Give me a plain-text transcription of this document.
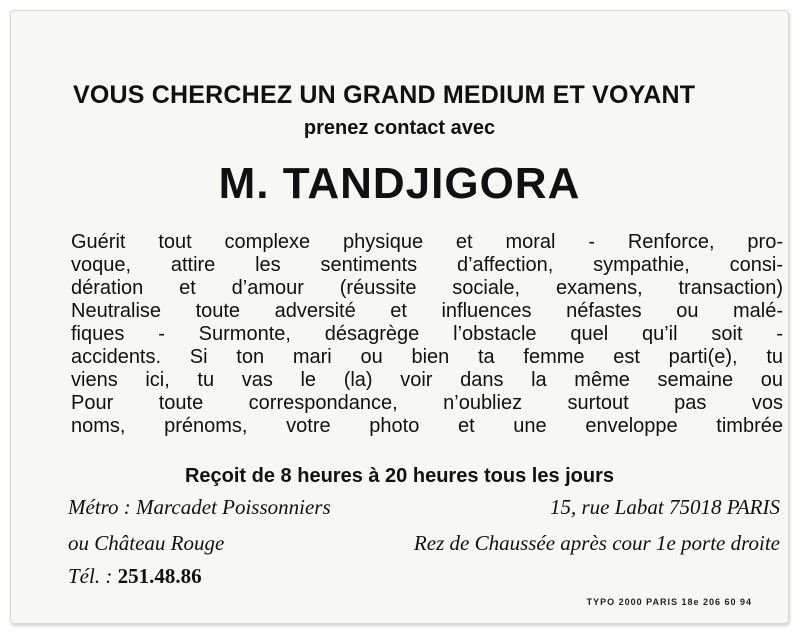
VOUS CHERCHEZ UN GRAND MEDIUM ET VOYANT
prenez contact avec
M. TANDJIGORA
Guérit tout complexe physique et moral - Renforce, pro-
voque, attire les sentiments d’affection, sympathie, consi-
dération et d’amour (réussite sociale, examens, transaction)
Neutralise toute adversité et influences néfastes ou malé-
fiques - Surmonte, désagrège l’obstacle quel qu’il soit -
accidents. Si ton mari ou bien ta femme est parti(e), tu
viens ici, tu vas le (la) voir dans la même semaine ou
Pour toute correspondance, n’oubliez surtout pas vos
noms, prénoms, votre photo et une enveloppe timbrée
Reçoit de 8 heures à 20 heures tous les jours
Métro : Marcadet Poissonniers	15, rue Labat 75018 PARIS
ou Château Rouge	Rez de Chaussée après cour 1e porte droite
Tél. : 251.48.86
TYPO 2000 PARIS 18e 206 60 94
